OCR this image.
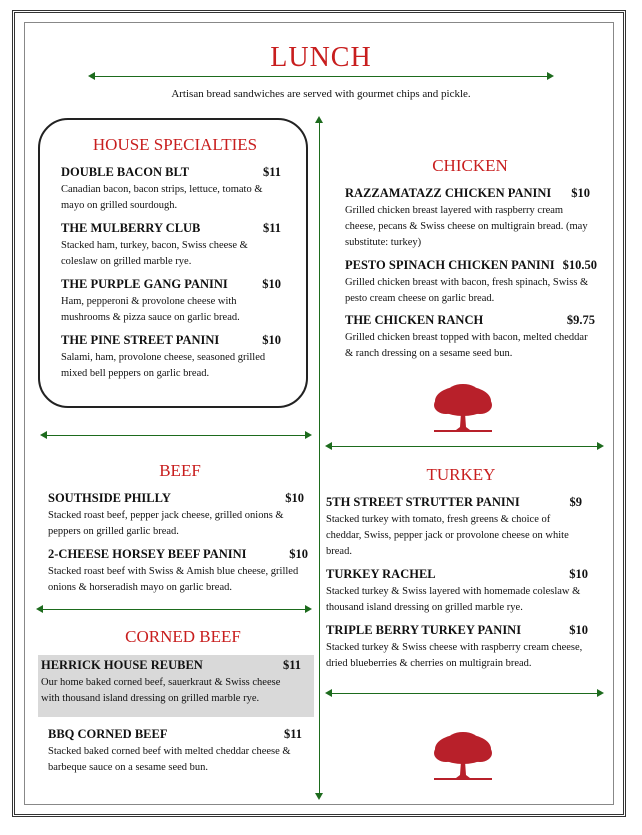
LUNCH
Artisan bread sandwiches are served with gourmet chips and pickle.
HOUSE SPECIALTIES
DOUBLE BACON BLT	$11
Canadian bacon, bacon strips, lettuce, tomato & mayo on grilled sourdough.
THE MULBERRY CLUB	$11
Stacked ham, turkey, bacon, Swiss cheese & coleslaw on grilled marble rye.
THE PURPLE GANG PANINI	$10
Ham, pepperoni & provolone cheese with mushrooms & pizza sauce on garlic bread.
THE PINE STREET PANINI	$10
Salami, ham, provolone cheese, seasoned grilled mixed bell peppers on garlic bread.
BEEF
SOUTHSIDE PHILLY	$10
Stacked roast beef, pepper jack cheese, grilled onions & peppers on grilled garlic bread.
2-CHEESE HORSEY BEEF PANINI	$10
Stacked roast beef with Swiss & Amish blue cheese, grilled onions & horseradish mayo on garlic bread.
CORNED BEEF
HERRICK HOUSE REUBEN	$11
Our home baked corned beef, sauerkraut & Swiss cheese with thousand island dressing on grilled marble rye.
BBQ CORNED BEEF	$11
Stacked baked corned beef with melted cheddar cheese & barbeque sauce on a sesame seed bun.
CHICKEN
RAZZAMATAZZ CHICKEN PANINI $10
Grilled chicken breast layered with raspberry cream cheese, pecans & Swiss cheese on multigrain bread. (may substitute: turkey)
PESTO SPINACH CHICKEN PANINI $10.50
Grilled chicken breast with bacon, fresh spinach, Swiss & pesto cream cheese on garlic bread.
THE CHICKEN RANCH	$9.75
Grilled chicken breast topped with bacon, melted cheddar & ranch dressing on a sesame seed bun.
TURKEY
5TH STREET STRUTTER PANINI	$9
Stacked turkey with tomato, fresh greens & choice of cheddar, Swiss, pepper jack or provolone cheese on white bread.
TURKEY RACHEL	$10
Stacked turkey & Swiss layered with homemade coleslaw & thousand island dressing on grilled marble rye.
TRIPLE BERRY TURKEY PANINI	$10
Stacked turkey & Swiss cheese with raspberry cream cheese, dried blueberries & cherries on multigrain bread.
